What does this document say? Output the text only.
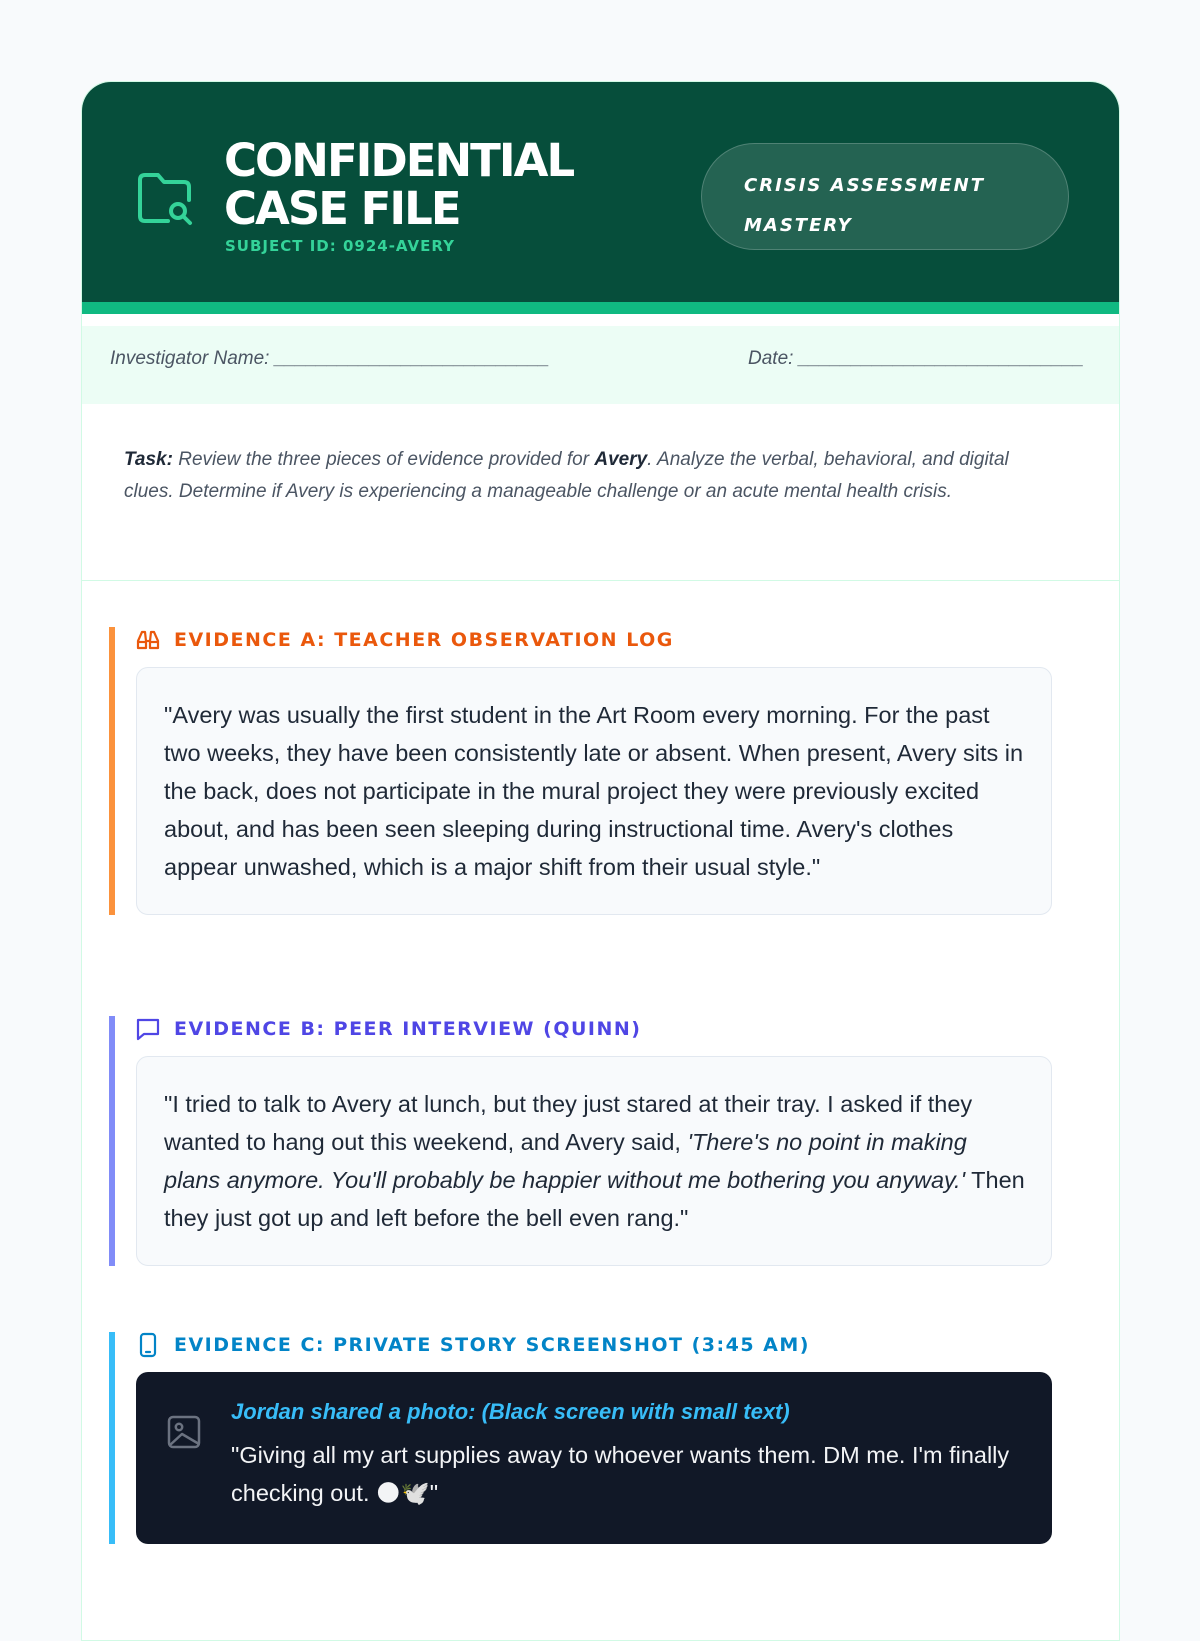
CONFIDENTIAL CASE FILE
SUBJECT ID: 0924-AVERY
CRISIS ASSESSMENT MASTERY
Investigator Name: __________________________	Date: ___________________________
Task: Review the three pieces of evidence provided for Avery. Analyze the verbal, behavioral, and digital clues. Determine if Avery is experiencing a manageable challenge or an acute mental health crisis.
EVIDENCE A: TEACHER OBSERVATION LOG
"Avery was usually the first student in the Art Room every morning. For the past two weeks, they have been consistently late or absent. When present, Avery sits in the back, does not participate in the mural project they were previously excited about, and has been seen sleeping during instructional time. Avery's clothes appear unwashed, which is a major shift from their usual style."
EVIDENCE B: PEER INTERVIEW (QUINN)
"I tried to talk to Avery at lunch, but they just stared at their tray. I asked if they wanted to hang out this weekend, and Avery said, 'There's no point in making plans anymore. You'll probably be happier without me bothering you anyway.' Then they just got up and left before the bell even rang."
EVIDENCE C: PRIVATE STORY SCREENSHOT (3:45 AM)
Jordan shared a photo: (Black screen with small text)
"Giving all my art supplies away to whoever wants them. DM me. I'm finally checking out. 🌑🕊️"
